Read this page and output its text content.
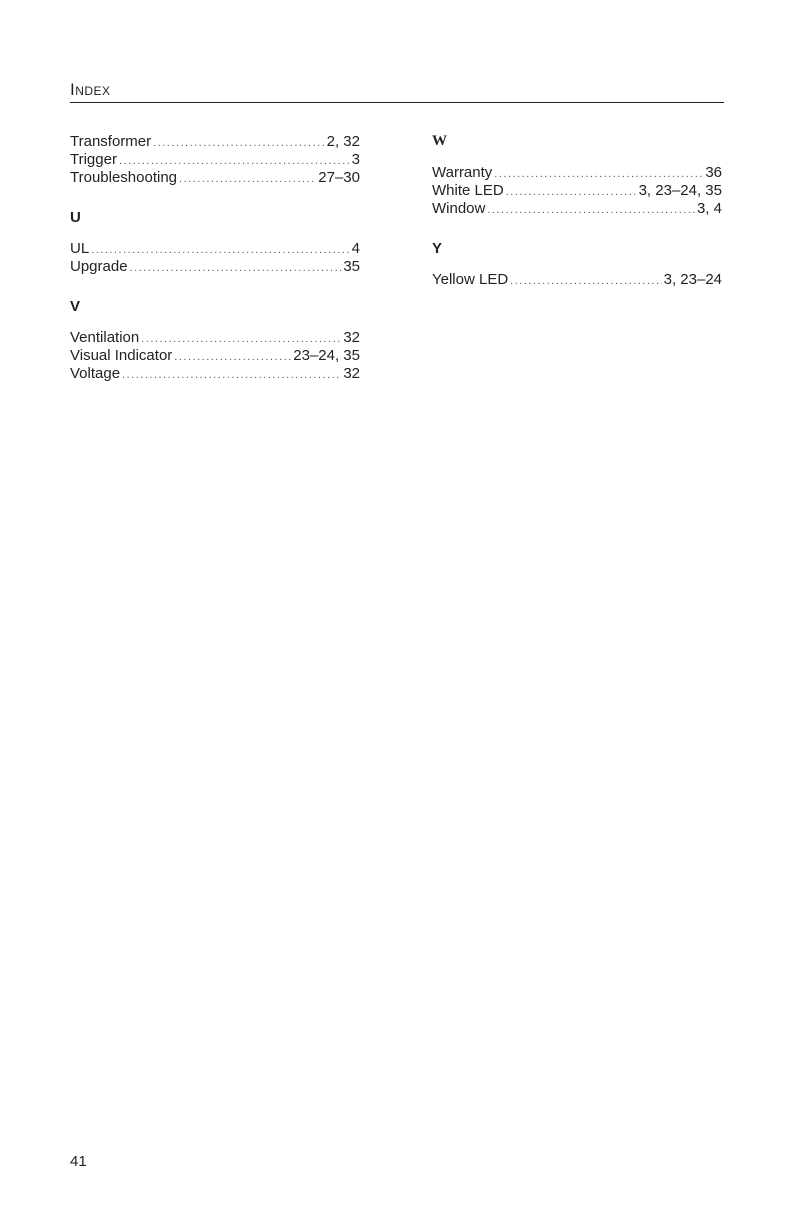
Index
Transformer .....	2, 32
Trigger .....	3
Troubleshooting .....	27–30
U
UL .....	4
Upgrade .....	35
V
Ventilation .....	32
Visual Indicator .....	23–24, 35
Voltage .....	32
W
Warranty .....	36
White LED .....	3, 23–24, 35
Window .....	3, 4
Y
Yellow LED .....	3, 23–24
41
